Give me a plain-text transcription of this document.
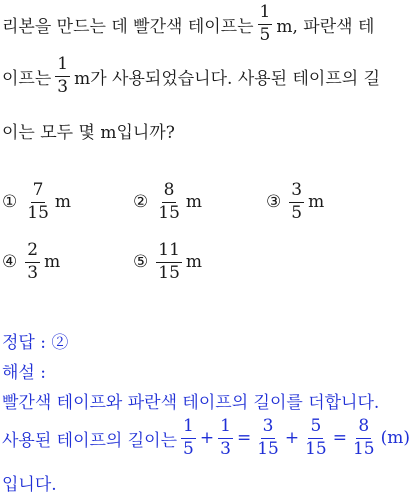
리본을 만드는 데 빨간색 테이프는 $\frac{1}{5} m$, 파란색 테
이프는 $\frac{1}{3}$ m가 사용되었습니다. 사용된 테이프의 길
이는 모두 몇 m입니까?
① $\frac{7}{15}$ m	② $\frac{8}{15}$ m	③ $\frac{3}{5}$ m
④ $\frac{2}{3}$ m	⑤ $\frac{11}{15}$ m
정답 : ②
해설 :
빨간색 테이프와 파란색 테이프의 길이를 더합니다.
사용된 테이프의 길이는 $\frac{1}{5} + \frac{1}{3} = \frac{3}{15} + \frac{5}{15} = \frac{8}{15} (m)$
입니다.
